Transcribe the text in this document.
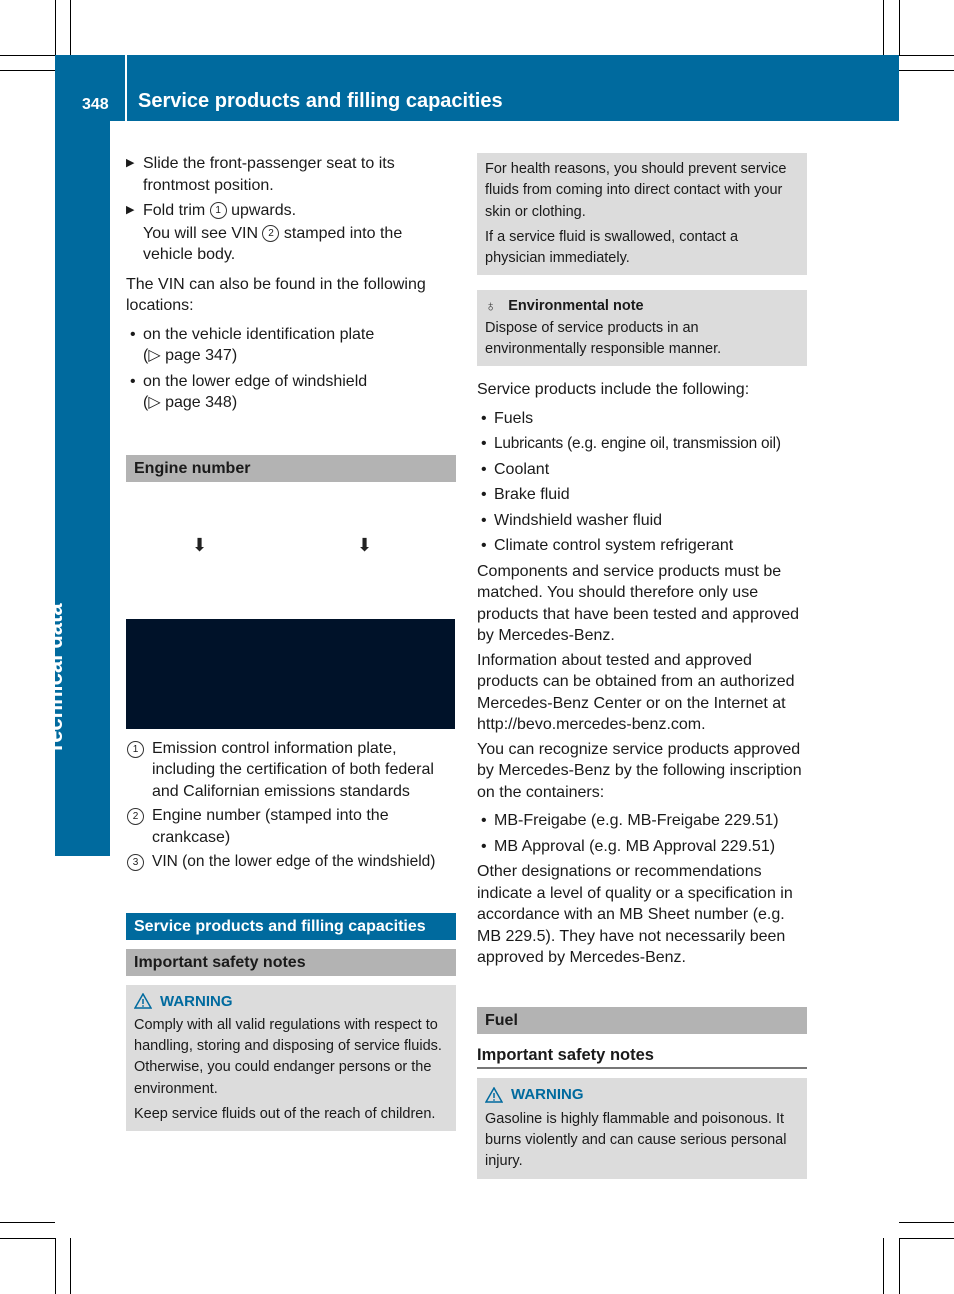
348 Service products and filling capacities
Technical data
▶ Slide the front-passenger seat to its frontmost position.
▶ Fold trim 1 upwards.

You will see VIN 2 stamped into the vehicle body.

The VIN can also be found in the following locations:

• on the vehicle identification plate
(▷ page 347)
• on the lower edge of windshield
(▷ page 348)
Engine number
⬇	⬇
1 Emission control information plate, including the certification of both federal and Californian emissions standards
2 Engine number (stamped into the crankcase)
3 VIN (on the lower edge of the windshield)
Service products and filling capacities
Important safety notes
WARNING

Comply with all valid regulations with respect to handling, storing and disposing of service fluids. Otherwise, you could endanger persons or the environment.

Keep service fluids out of the reach of children.

For health reasons, you should prevent service fluids from coming into direct contact with your skin or clothing.

If a service fluid is swallowed, contact a physician immediately.

♁ Environmental note

Dispose of service products in an environmentally responsible manner.

Service products include the following:

• Fuels
• Lubricants (e.g. engine oil, transmission oil)
• Coolant
• Brake fluid
• Windshield washer fluid
• Climate control system refrigerant

Components and service products must be matched. You should therefore only use products that have been tested and approved by Mercedes-Benz.

Information about tested and approved products can be obtained from an authorized Mercedes-Benz Center or on the Internet at http://bevo.mercedes-benz.com.

You can recognize service products approved by Mercedes-Benz by the following inscription on the containers:

• MB-Freigabe (e.g. MB-Freigabe 229.51)
• MB Approval (e.g. MB Approval 229.51)

Other designations or recommendations indicate a level of quality or a specification in accordance with an MB Sheet number (e.g. MB 229.5). They have not necessarily been approved by Mercedes-Benz.

Fuel
Important safety notes
WARNING

Gasoline is highly flammable and poisonous. It burns violently and can cause serious personal injury.
